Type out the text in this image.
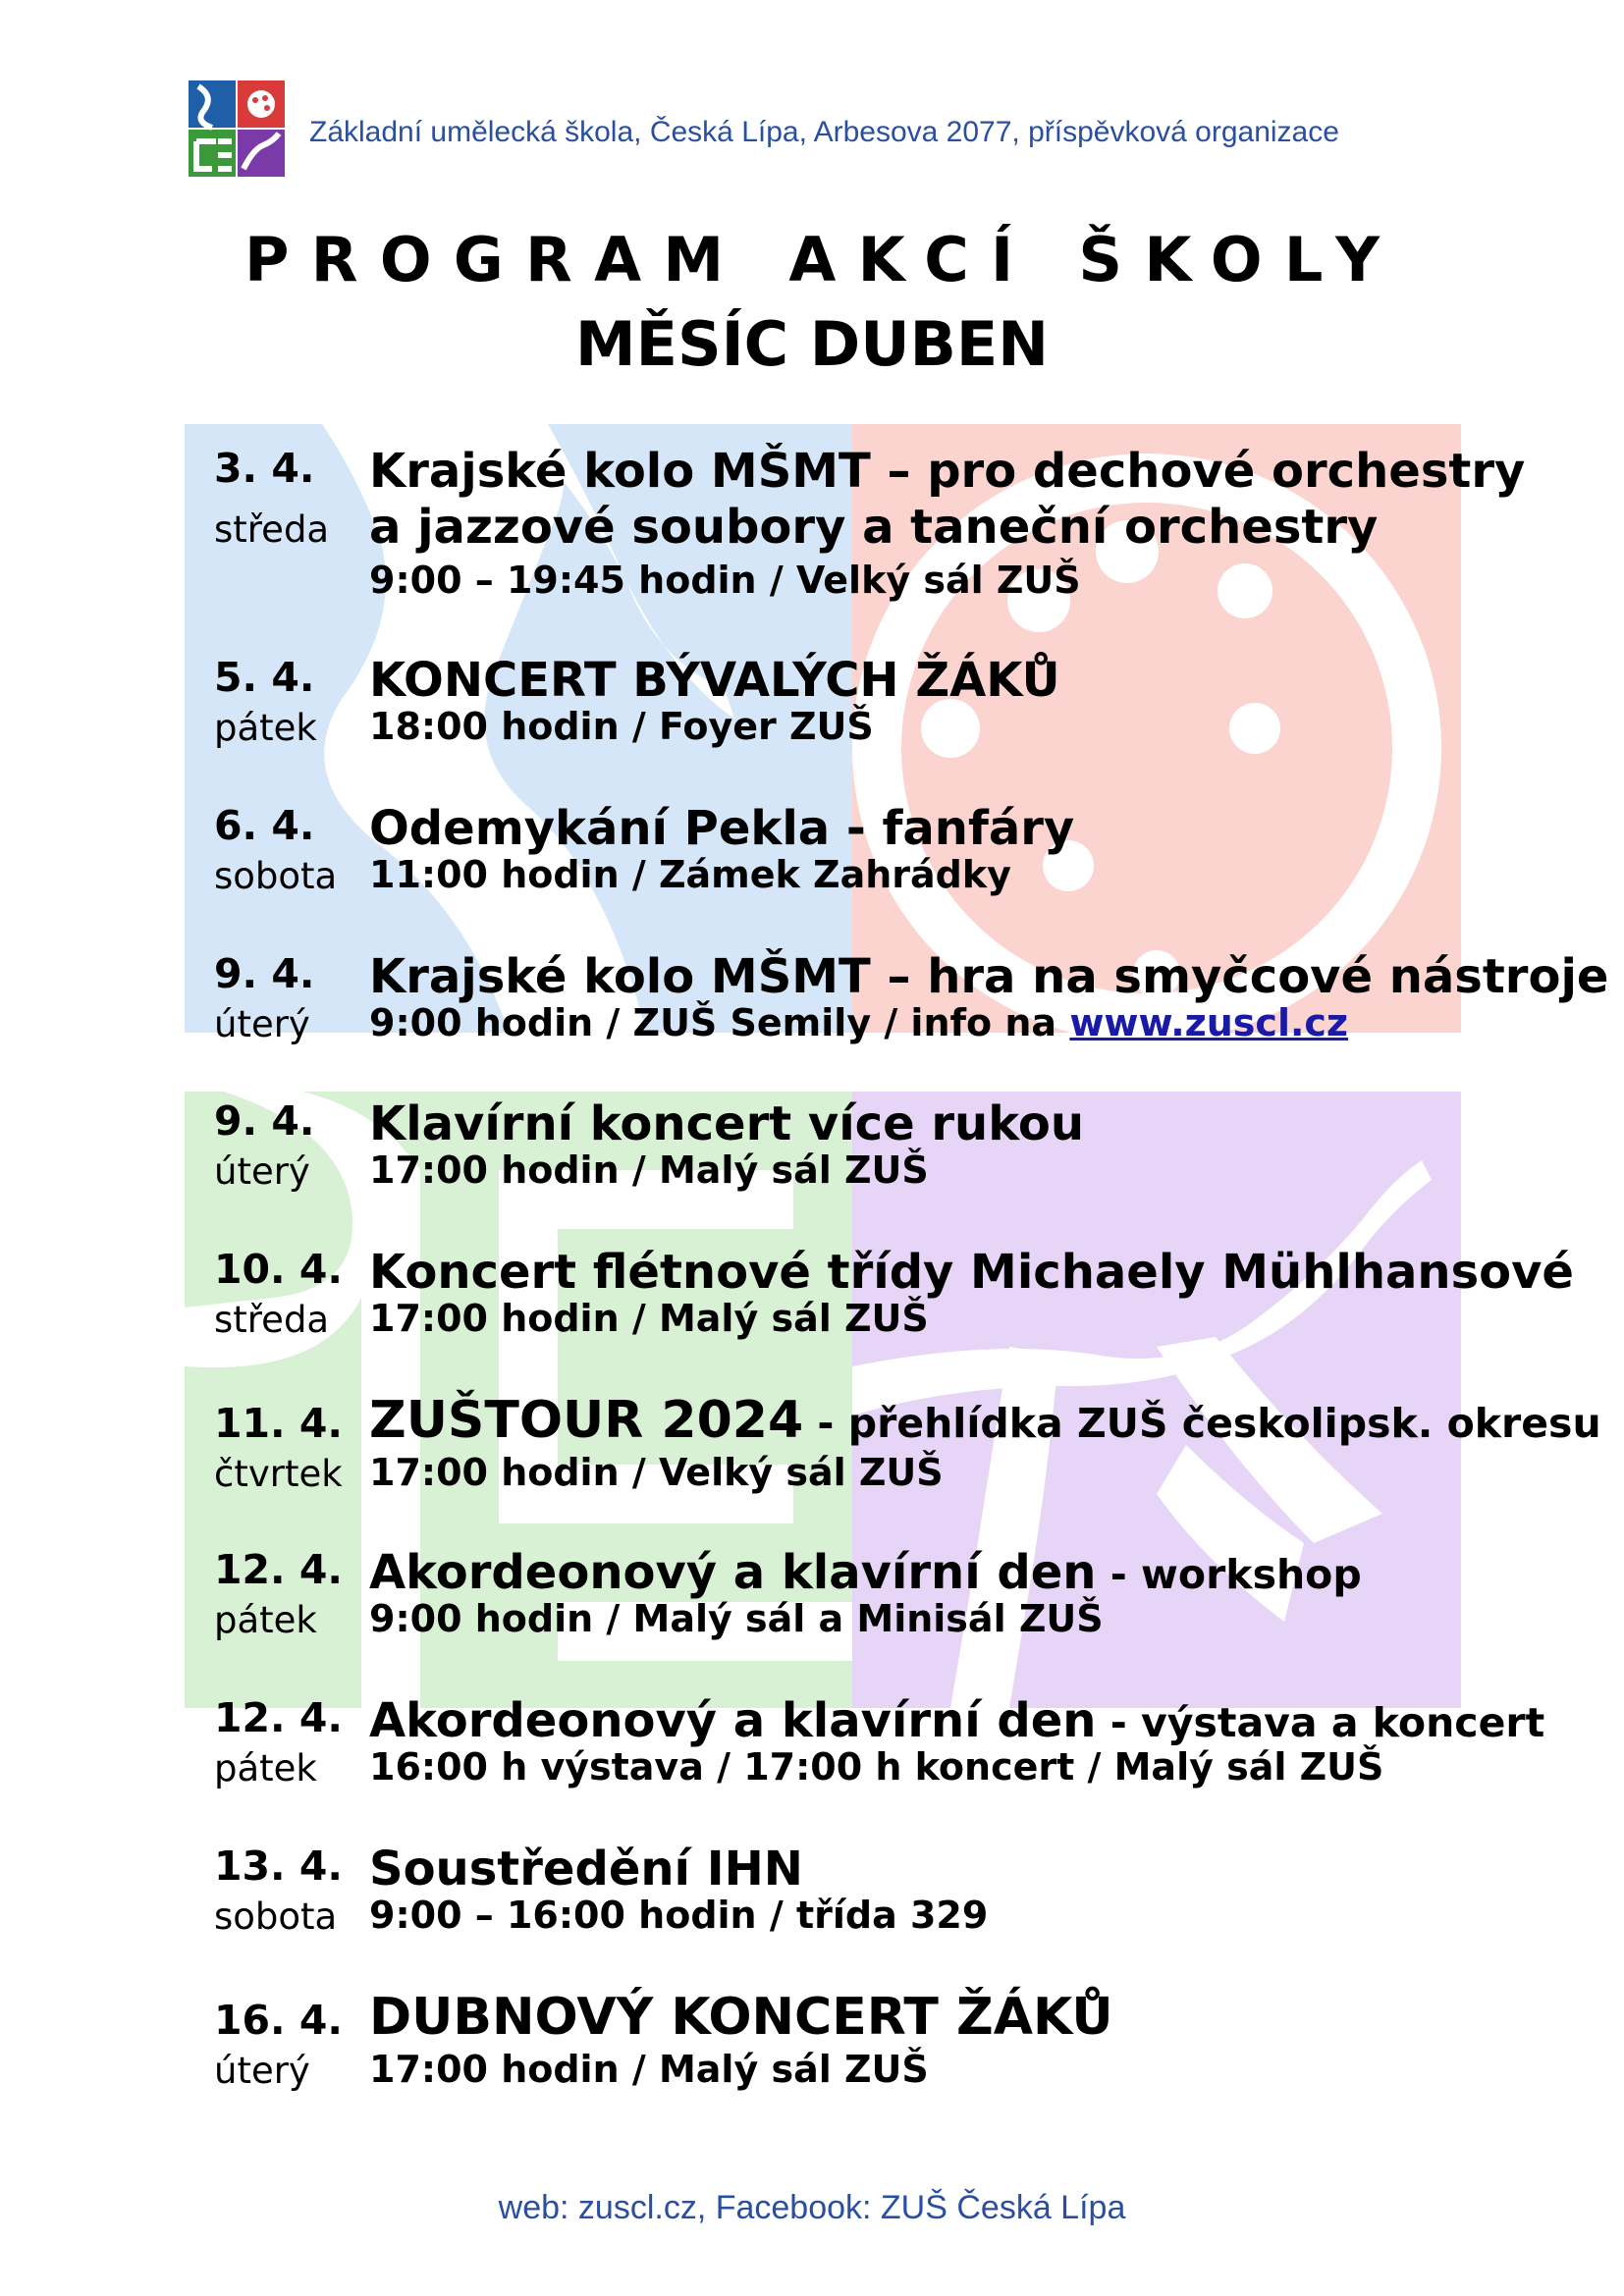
Základní umělecká škola, Česká Lípa, Arbesova 2077, příspěvková organizace
PROGRAM AKCÍ ŠKOLY
MĚSÍC DUBEN
3. 4.
středa
Krajské kolo MŠMT – pro dechové orchestry
a jazzové soubory a taneční orchestry
9:00 – 19:45 hodin / Velký sál ZUŠ
5. 4.
pátek
KONCERT BÝVALÝCH ŽÁKŮ
18:00 hodin / Foyer ZUŠ
6. 4.
sobota
Odemykání Pekla - fanfáry
11:00 hodin / Zámek Zahrádky
9. 4.
úterý
Krajské kolo MŠMT – hra na smyčcové nástroje
9:00 hodin / ZUŠ Semily / info na www.zuscl.cz
9. 4.
úterý
Klavírní koncert více rukou
17:00 hodin / Malý sál ZUŠ
10. 4.
středa
Koncert flétnové třídy Michaely Mühlhansové
17:00 hodin / Malý sál ZUŠ
11. 4.
čtvrtek
ZUŠTOUR 2024 - přehlídka ZUŠ českolipsk. okresu
17:00 hodin / Velký sál ZUŠ
12. 4.
pátek
Akordeonový a klavírní den - workshop
9:00 hodin / Malý sál a Minisál ZUŠ
12. 4.
pátek
Akordeonový a klavírní den - výstava a koncert
16:00 h výstava / 17:00 h koncert / Malý sál ZUŠ
13. 4.
sobota
Soustředění IHN
9:00 – 16:00 hodin / třída 329
16. 4.
úterý
DUBNOVÝ KONCERT ŽÁKŮ
17:00 hodin / Malý sál ZUŠ
web: zuscl.cz, Facebook: ZUŠ Česká Lípa
